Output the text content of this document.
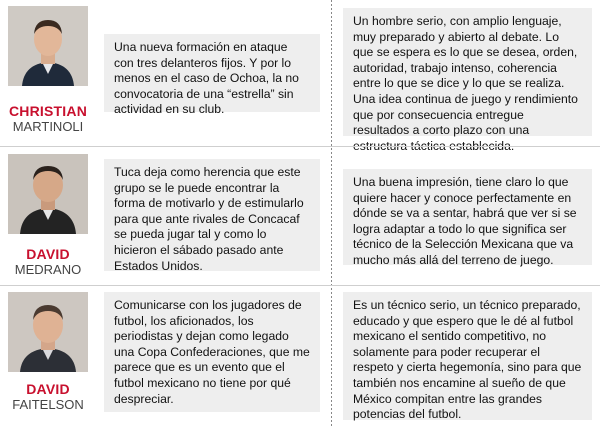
CHRISTIAN
MARTINOLI
Una nueva formación en ataque con tres delanteros fijos. Y por lo menos en el caso de Ochoa, la no convocatoria de una “estrella” sin actividad en su club.
Un hombre serio, con amplio lenguaje, muy preparado y abierto al debate. Lo que se espera es lo que se desea, orden, autoridad, trabajo intenso, coherencia entre lo que se dice y lo que se realiza. Una idea continua de juego y rendimiento que por consecuencia entregue resultados a corto plazo con una estructura táctica establecida.
DAVID
MEDRANO
Tuca deja como herencia que este grupo se le puede encontrar la forma de motivarlo y de estimularlo para que ante rivales de Concacaf se pueda jugar tal y como lo hicieron el sábado pasado ante Estados Unidos.
Una buena impresión, tiene claro lo que quiere hacer y conoce perfectamente en dónde se va a sentar, habrá que ver si se logra adaptar a todo lo que significa ser técnico de la Selección Mexicana que va mucho más allá del terreno de juego.
DAVID
FAITELSON
Comunicarse con los jugadores de futbol, los aficionados, los periodistas y dejan como legado una Copa Confederaciones, que me parece que es un evento que el futbol mexicano no tiene por qué despreciar.
Es un técnico serio, un técnico preparado, educado y que espero que le dé al futbol mexicano el sentido competitivo, no solamente para poder recuperar el respeto y cierta hegemonía, sino para que también nos encamine al sueño de que México compitan entre las grandes potencias del futbol.
